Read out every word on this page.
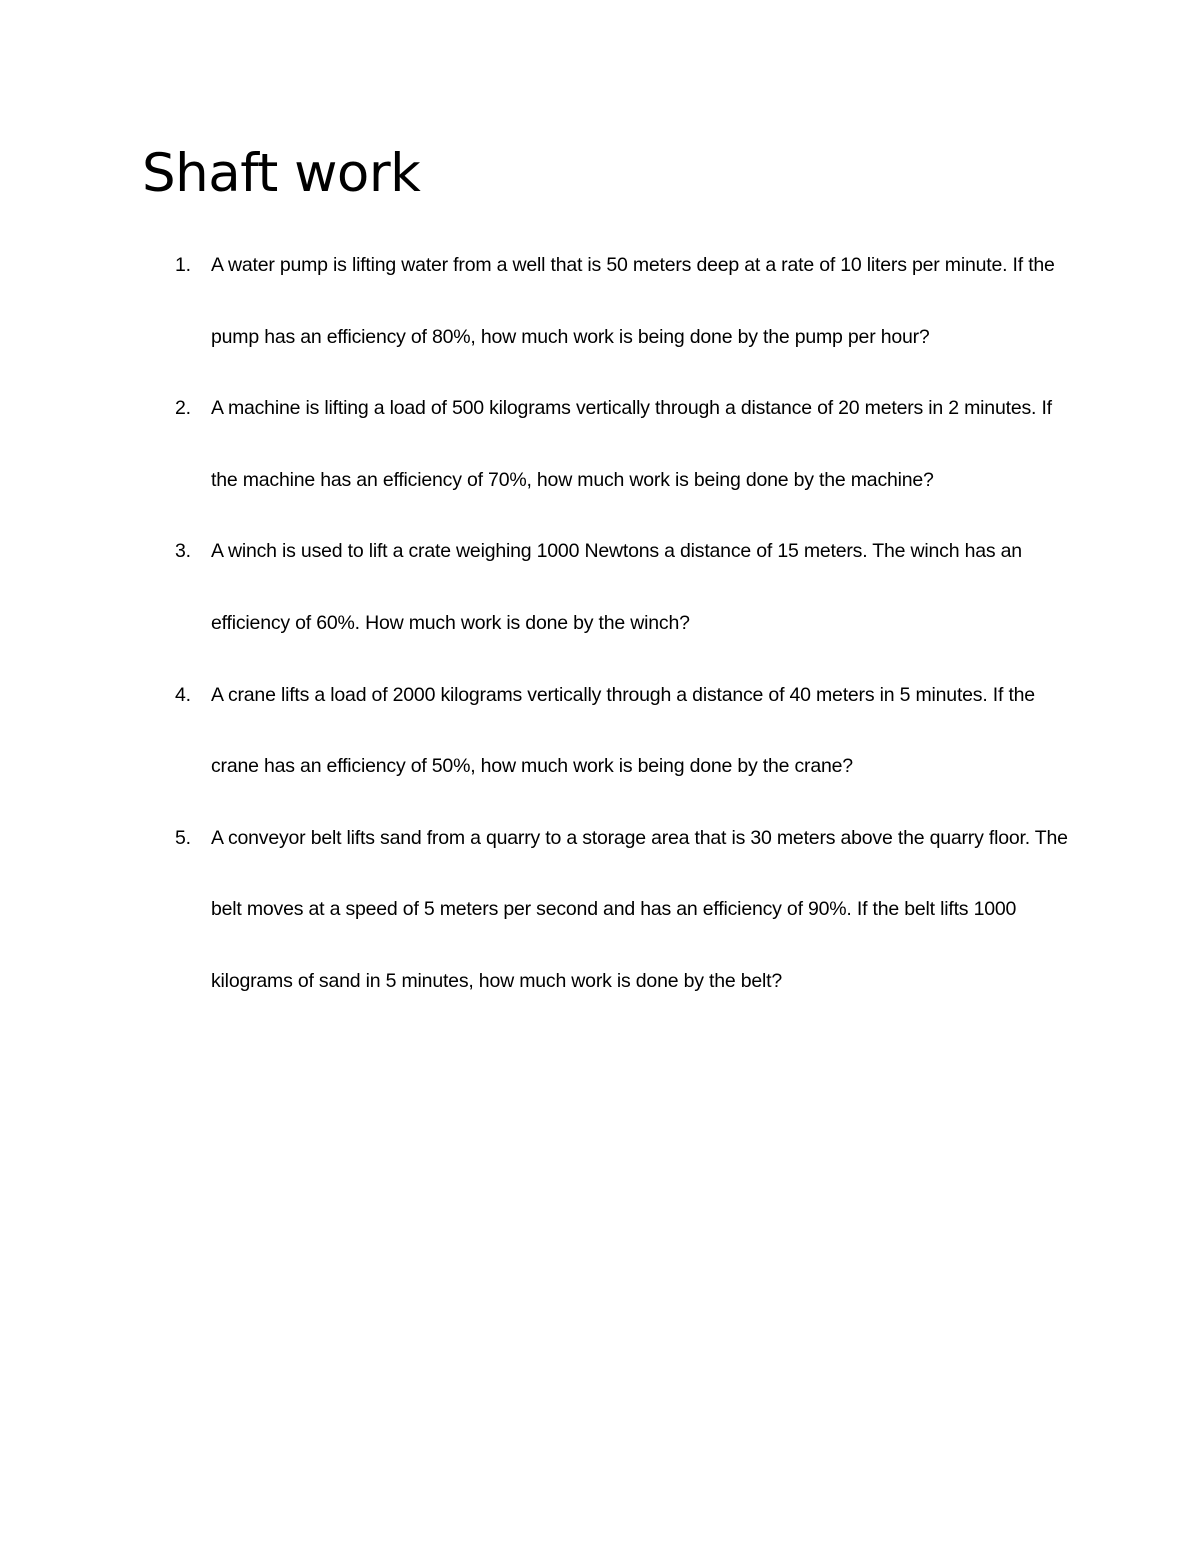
Shaft work
1. A water pump is lifting water from a well that is 50 meters deep at a rate of 10 liters per minute. If the pump has an efficiency of 80%, how much work is being done by the pump per hour?
2. A machine is lifting a load of 500 kilograms vertically through a distance of 20 meters in 2 minutes. If the machine has an efficiency of 70%, how much work is being done by the machine?
3. A winch is used to lift a crate weighing 1000 Newtons a distance of 15 meters. The winch has an efficiency of 60%. How much work is done by the winch?
4. A crane lifts a load of 2000 kilograms vertically through a distance of 40 meters in 5 minutes. If the crane has an efficiency of 50%, how much work is being done by the crane?
5. A conveyor belt lifts sand from a quarry to a storage area that is 30 meters above the quarry floor. The belt moves at a speed of 5 meters per second and has an efficiency of 90%. If the belt lifts 1000 kilograms of sand in 5 minutes, how much work is done by the belt?
